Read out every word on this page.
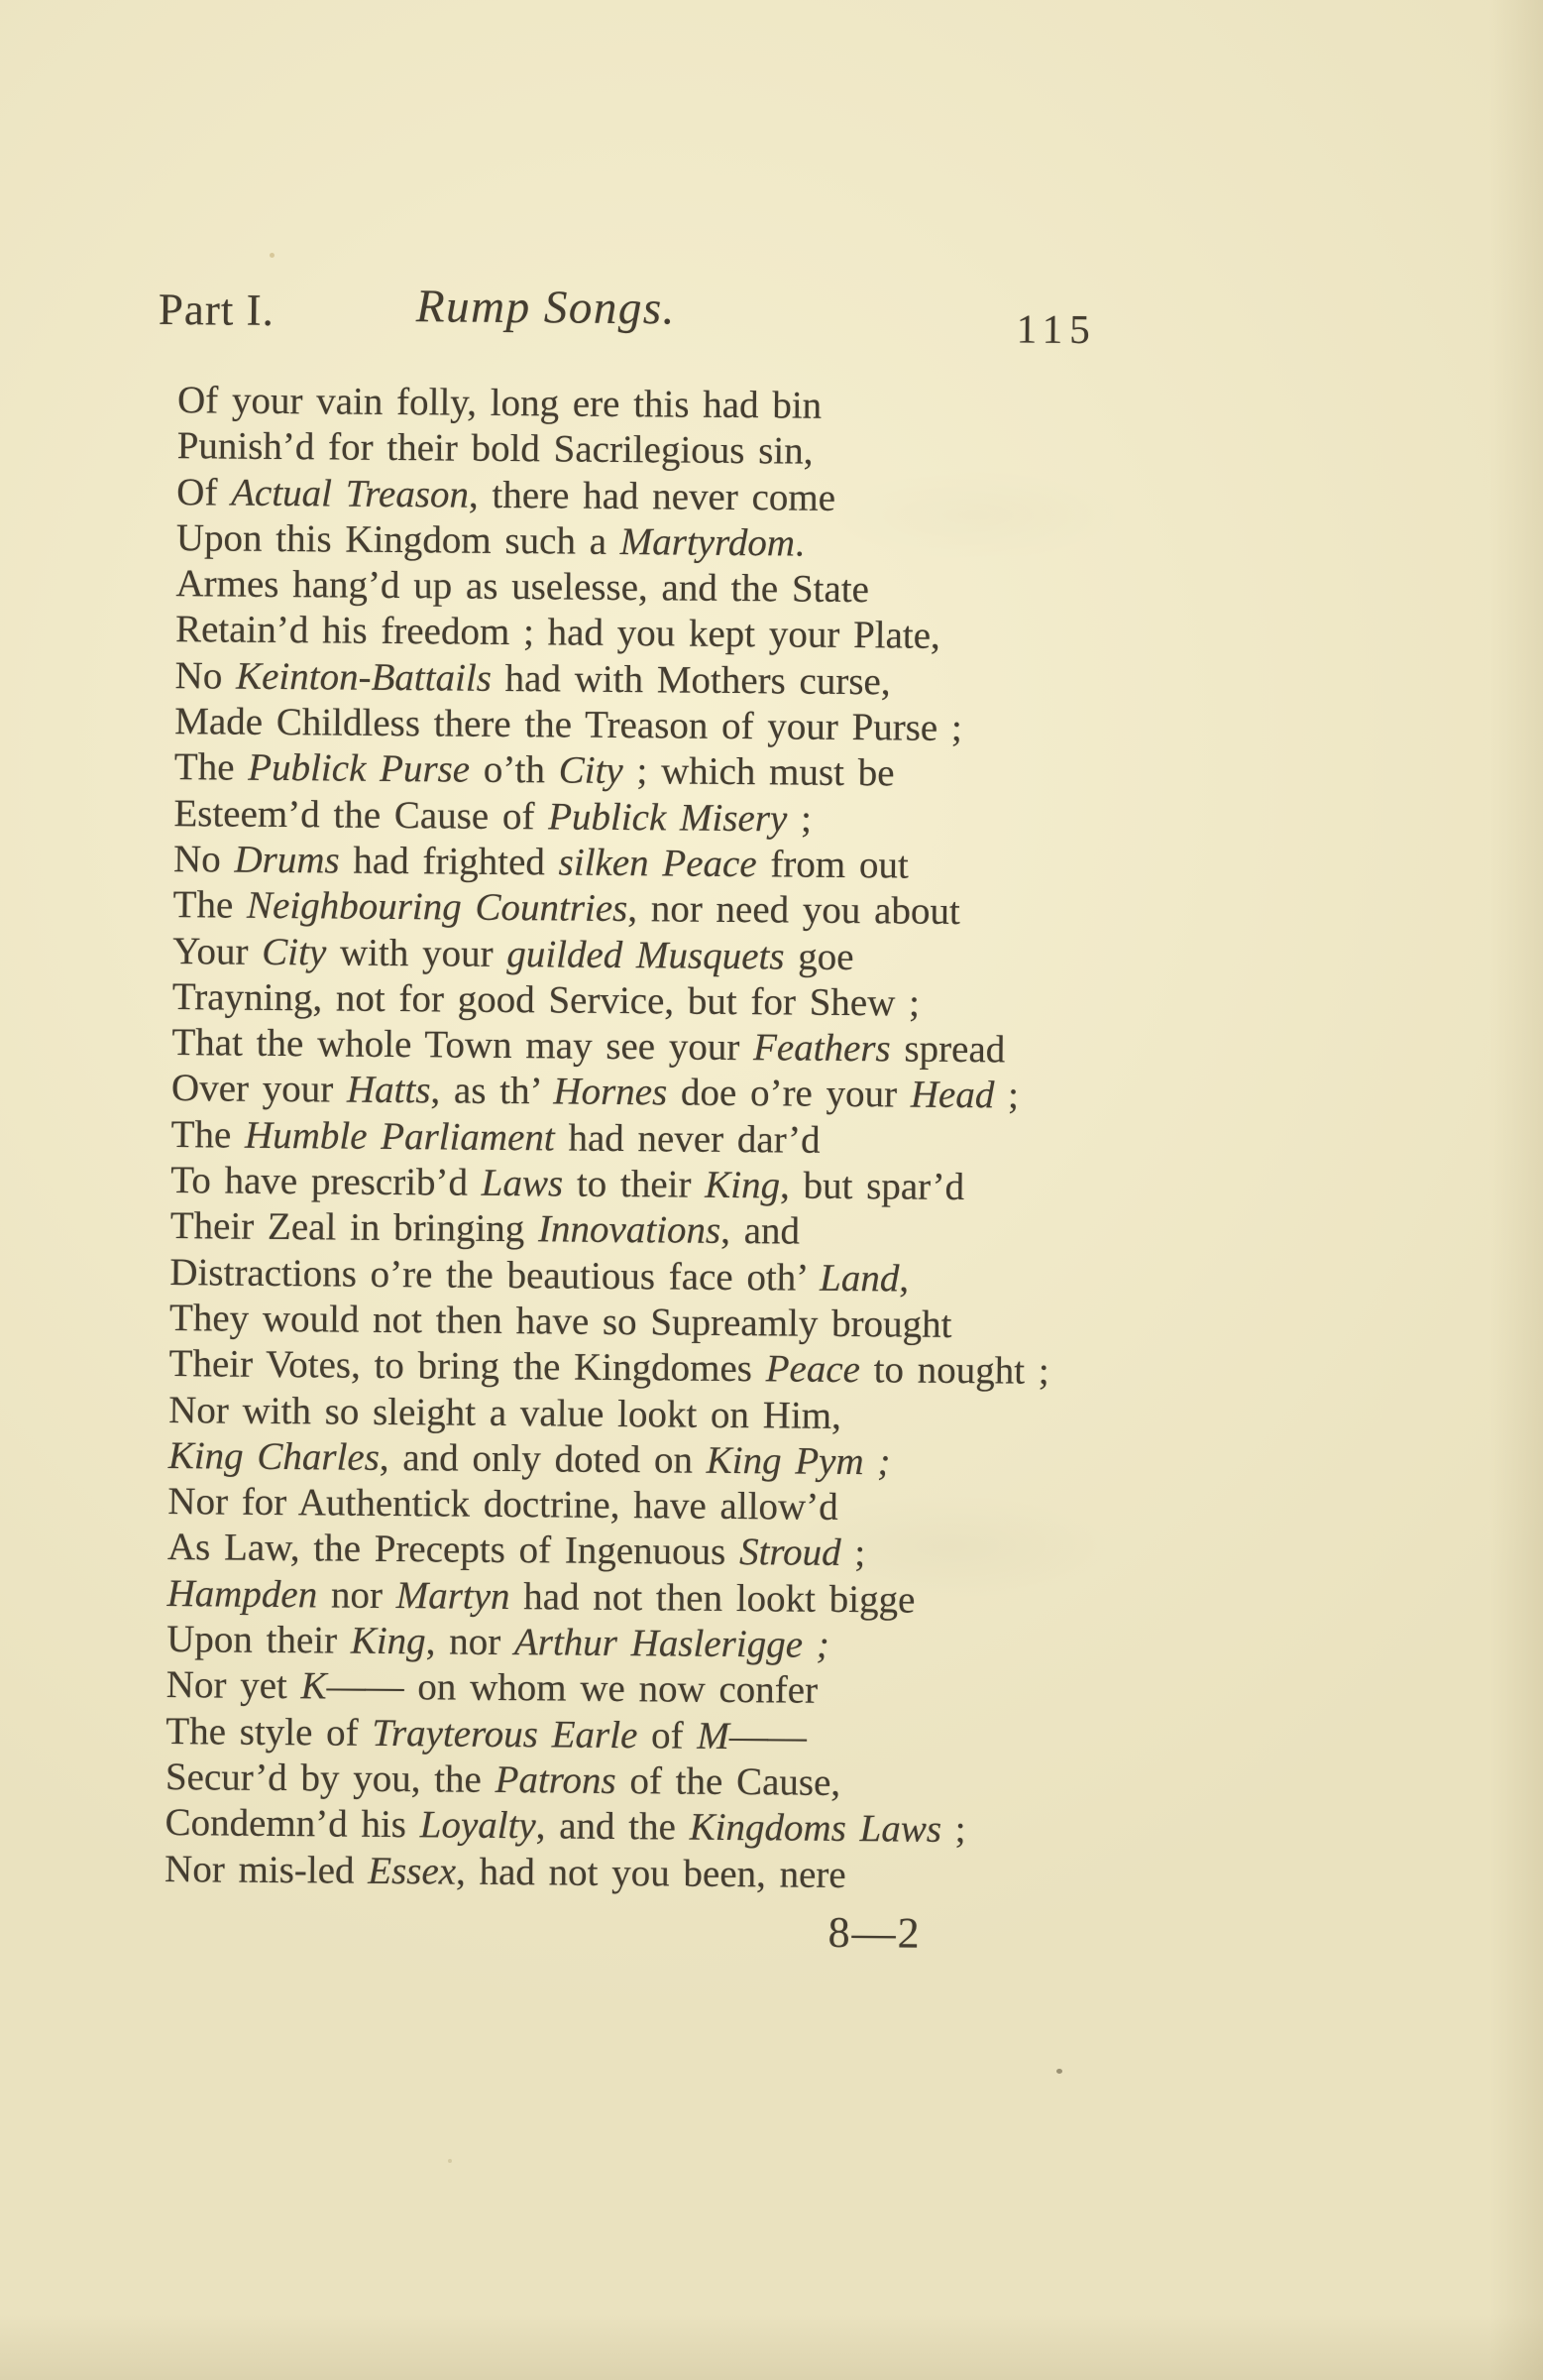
Part I.	Rump Songs.	115
Of your vain folly, long ere this had bin
Punish’d for their bold Sacrilegious sin,
Of Actual Treason, there had never come
Upon this Kingdom such a Martyrdom.
Armes hang’d up as uselesse, and the State
Retain’d his freedom ; had you kept your Plate,
No Keinton-Battails had with Mothers curse,
Made Childless there the Treason of your Purse ;
The Publick Purse o’th City ; which must be
Esteem’d the Cause of Publick Misery ;
No Drums had frighted silken Peace from out
The Neighbouring Countries, nor need you about
Your City with your guilded Musquets goe
Trayning, not for good Service, but for Shew ;
That the whole Town may see your Feathers spread
Over your Hatts, as th’ Hornes doe o’re your Head ;
The Humble Parliament had never dar’d
To have prescrib’d Laws to their King, but spar’d
Their Zeal in bringing Innovations, and
Distractions o’re the beautious face oth’ Land,
They would not then have so Supreamly brought
Their Votes, to bring the Kingdomes Peace to nought ;
Nor with so sleight a value lookt on Him,
King Charles, and only doted on King Pym ;
Nor for Authentick doctrine, have allow’d
As Law, the Precepts of Ingenuous Stroud ;
Hampden nor Martyn had not then lookt bigge
Upon their King, nor Arthur Haslerigge ;
Nor yet K—— on whom we now confer
The style of Trayterous Earle of M——
Secur’d by you, the Patrons of the Cause,
Condemn’d his Loyalty, and the Kingdoms Laws ;
Nor mis-led Essex, had not you been, nere
8—2
